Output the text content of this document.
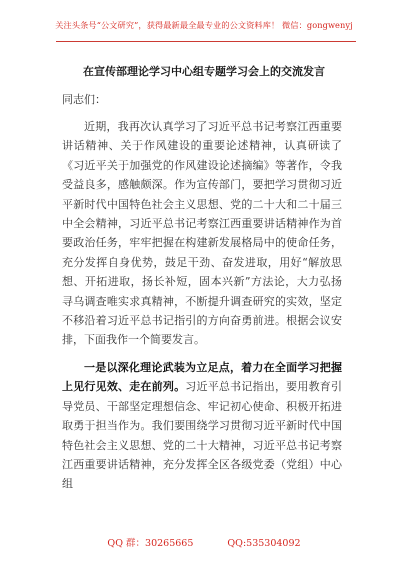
关注头条号“公文研究”，获得最新最全最专业的公文资料库！ 微信：gongwenyj
在宣传部理论学习中心组专题学习会上的交流发言
同志们：

近期，我再次认真学习了习近平总书记考察江西重要讲话精神、关于作风建设的重要论述精神，认真研读了《习近平关于加强党的作风建设论述摘编》等著作，令我受益良多，感触颇深。作为宣传部门，要把学习贯彻习近平新时代中国特色社会主义思想、党的二十大和二十届三中全会精神，习近平总书记考察江西重要讲话精神作为首要政治任务，牢牢把握在构建新发展格局中的使命任务，充分发挥自身优势，鼓足干劲、奋发进取，用好“解放思想、开拓进取，扬长补短，固本兴新”方法论，大力弘扬寻乌调查唯实求真精神，不断提升调查研究的实效，坚定不移沿着习近平总书记指引的方向奋勇前进。根据会议安排，下面我作一个简要发言。

一是以深化理论武装为立足点，着力在全面学习把握上见行见效、走在前列。习近平总书记指出，要用教育引导党员、干部坚定理想信念、牢记初心使命、积极开拓进取勇于担当作为。我们要围绕学习贯彻习近平新时代中国特色社会主义思想、党的二十大精神，习近平总书记考察江西重要讲话精神，充分发挥全区各级党委（党组）中心组

QQ 群：30265665	QQ:535304092
